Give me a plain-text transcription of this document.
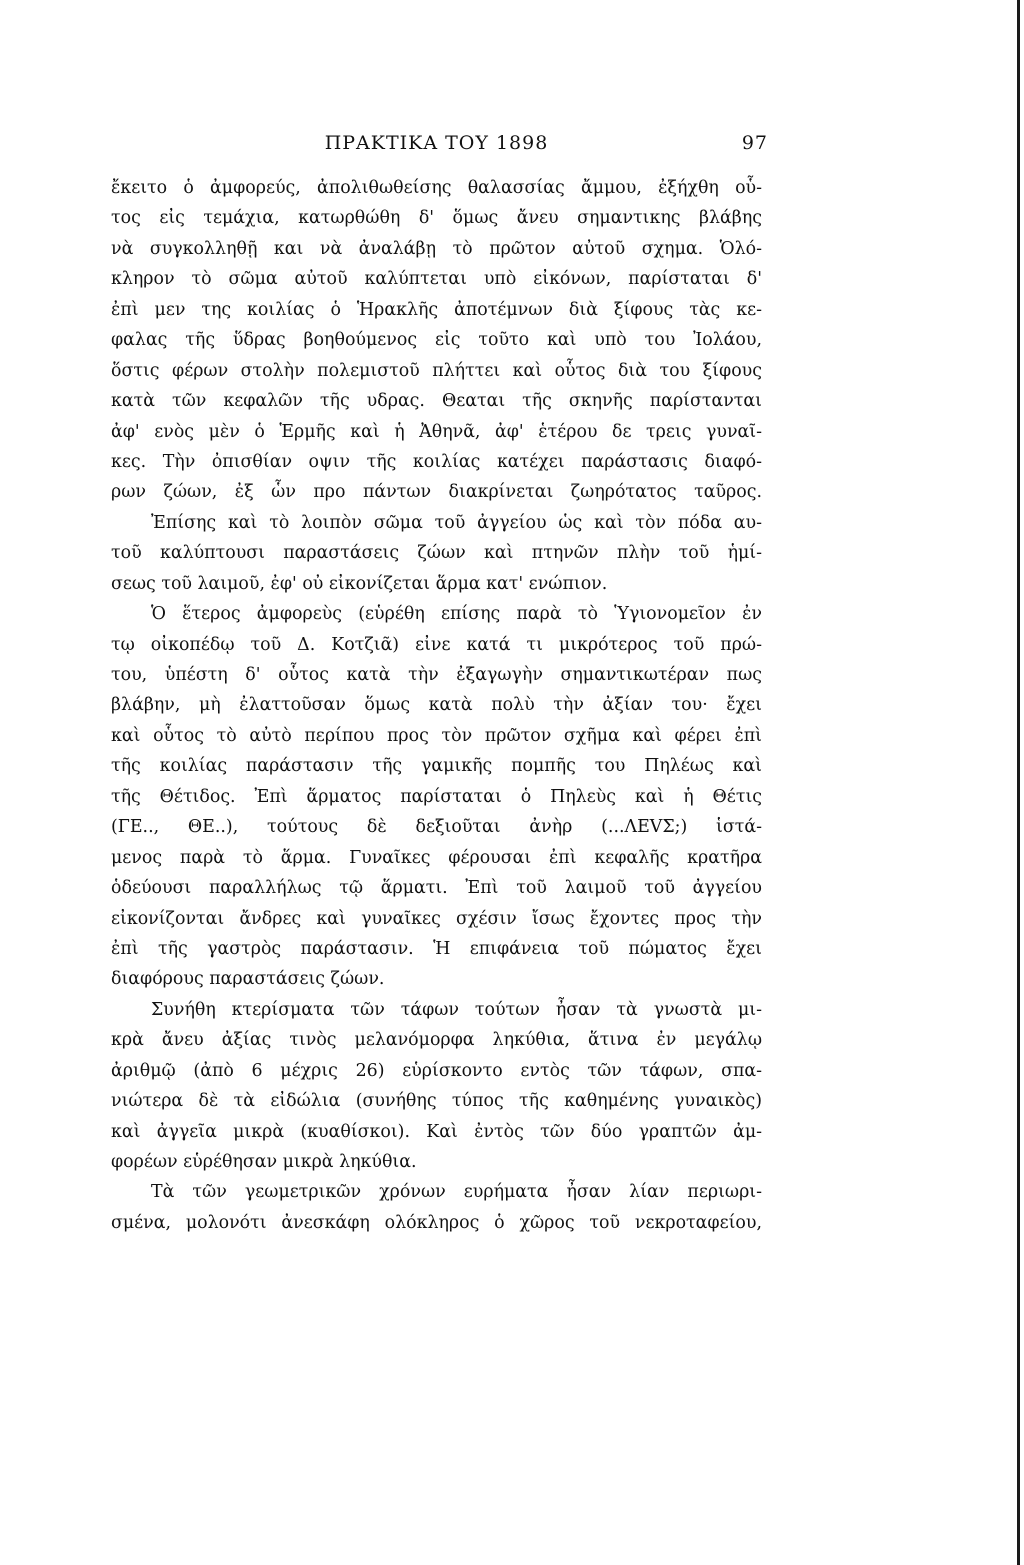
ΠΡΑΚΤΙΚΑ ΤΟΥ 1898	97
ἔκειτο ὁ ἀμφορεύς, ἀπολιθωθείσης θαλασσίας ἄμμου, ἐξήχθη οὗ-
τος εἰς τεμάχια, κατωρθώθη δ' ὅμως ἄνευ σημαντικης βλάβης
νὰ συγκολληθῇ και νὰ ἀναλάβῃ τὸ πρῶτον αὐτοῦ σχημα. Ὁλό-
κληρον τὸ σῶμα αὐτοῦ καλύπτεται υπὸ εἰκόνων, παρίσταται δ'
ἐπὶ μεν της κοιλίας ὁ Ἡρακλῆς ἀποτέμνων διὰ ξίφους τὰς κε-
φαλας τῆς ὕδρας βοηθούμενος εἰς τοῦτο καὶ υπὸ του Ἰολάου,
ὅστις φέρων στολὴν πολεμιστοῦ πλήττει καὶ οὗτος διὰ του ξίφους
κατὰ τῶν κεφαλῶν τῆς υδρας. Θεαται τῆς σκηνῆς παρίστανται
ἀφ' ενὸς μὲν ὁ Ἑρμῆς καὶ ἡ Ἀθηνᾶ, ἀφ' ἑτέρου δε τρεις γυναῖ-
κες. Τὴν ὀπισθίαν οψιν τῆς κοιλίας κατέχει παράστασις διαφό-
ρων ζώων, ἐξ ὧν προ πάντων διακρίνεται ζωηρότατος ταῦρος.
Ἐπίσης καὶ τὸ λοιπὸν σῶμα τοῦ ἀγγείου ὡς καὶ τὸν πόδα αυ-
τοῦ καλύπτουσι παραστάσεις ζώων καὶ πτηνῶν πλὴν τοῦ ἡμί-
σεως τοῦ λαιμοῦ, ἐφ' οὐ εἰκονίζεται ἅρμα κατ' ενώπιον.
Ὁ ἕτερος ἀμφορεὺς (εὑρέθη επίσης παρὰ τὸ Ὑγιονομεῖον ἐν
τῳ οἰκοπέδῳ τοῦ Δ. Κοτζιᾶ) εἰνε κατά τι μικρότερος τοῦ πρώ-
του, ὑπέστη δ' οὗτος κατὰ τὴν ἐξαγωγὴν σημαντικωτέραν πως
βλάβην, μὴ ἐλαττοῦσαν ὅμως κατὰ πολὺ τὴν ἀξίαν του· ἔχει
καὶ οὗτος τὸ αὐτὸ περίπου προς τὸν πρῶτον σχῆμα καὶ φέρει ἐπὶ
τῆς κοιλίας παράστασιν τῆς γαμικῆς πομπῆς του Πηλέως καὶ
τῆς Θέτιδος. Ἐπὶ ἅρματος παρίσταται ὁ Πηλεὺς καὶ ἡ Θέτις
(ΓΕ.., ΘΕ..), τούτους δὲ δεξιοῦται ἀνὴρ (...ΛΕVΣ;) ἱστά-
μενος παρὰ τὸ ἅρμα. Γυναῖκες φέρουσαι ἐπὶ κεφαλῆς κρατῆρα
ὁδεύουσι παραλλήλως τῷ ἅρματι. Ἐπὶ τοῦ λαιμοῦ τοῦ ἀγγείου
εἰκονίζονται ἄνδρες καὶ γυναῖκες σχέσιν ἴσως ἔχοντες προς τὴν
ἐπὶ τῆς γαστρὸς παράστασιν. Ἡ επιφάνεια τοῦ πώματος ἔχει
διαφόρους παραστάσεις ζώων.
Συνήθη κτερίσματα τῶν τάφων τούτων ἦσαν τὰ γνωστὰ μι-
κρὰ ἄνευ ἀξίας τινὸς μελανόμορφα ληκύθια, ἅτινα ἐν μεγάλῳ
ἀριθμῷ (ἀπὸ 6 μέχρις 26) εὑρίσκοντο εντὸς τῶν τάφων, σπα-
νιώτερα δὲ τὰ εἰδώλια (συνήθης τύπος τῆς καθημένης γυναικὸς)
καὶ ἀγγεῖα μικρὰ (κυαθίσκοι). Καὶ ἐντὸς τῶν δύο γραπτῶν ἀμ-
φορέων εὑρέθησαν μικρὰ ληκύθια.
Τὰ τῶν γεωμετρικῶν χρόνων ευρήματα ἦσαν λίαν περιωρι-
σμένα, μολονότι ἀνεσκάφη ολόκληρος ὁ χῶρος τοῦ νεκροταφείου,
